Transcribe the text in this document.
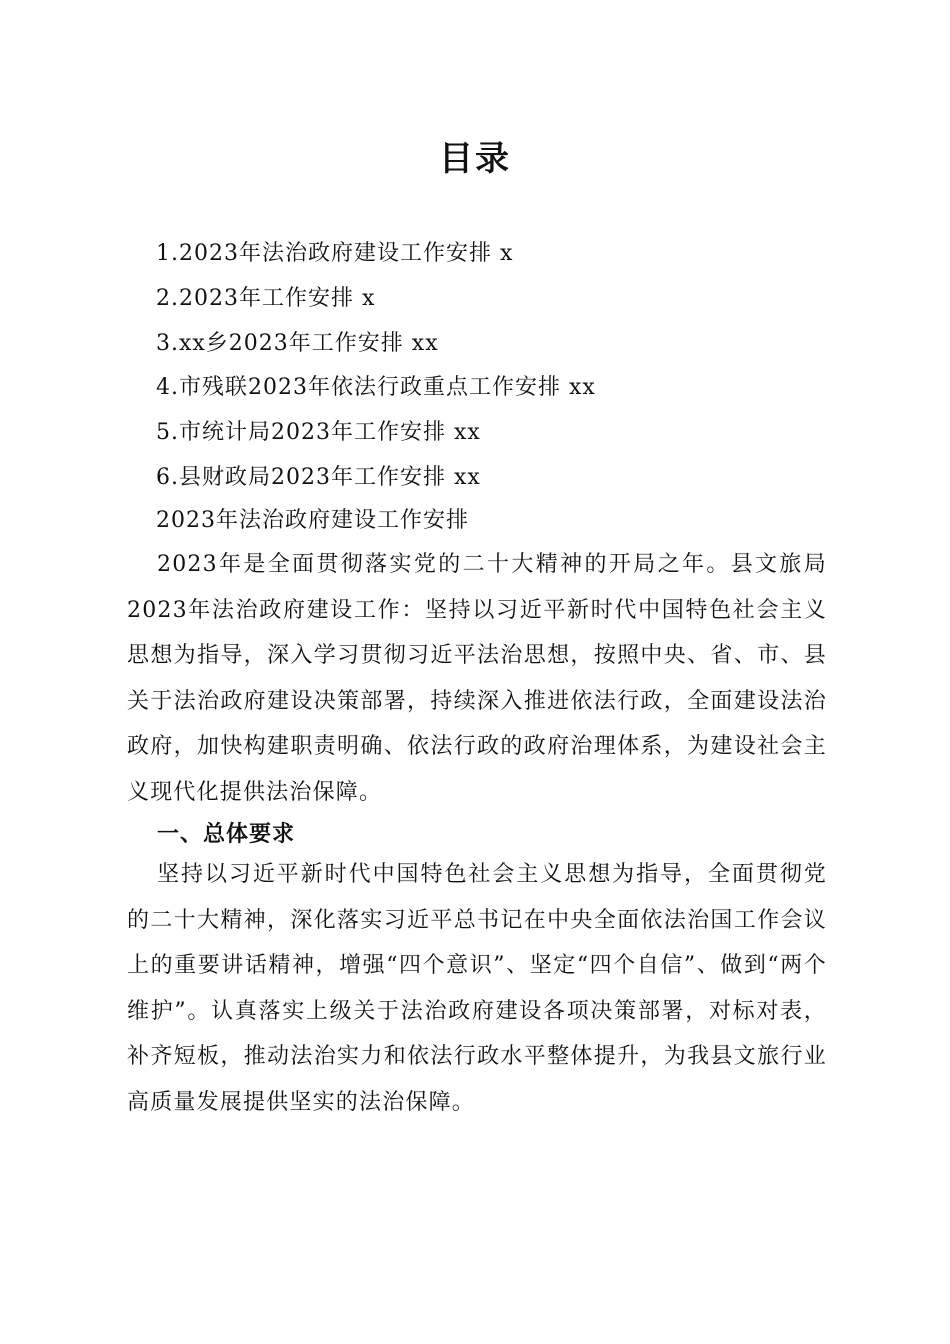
目录
1.2023年法治政府建设工作安排 x
2.2023年工作安排 x
3.xx乡2023年工作安排 xx
4.市残联2023年依法行政重点工作安排 xx
5.市统计局2023年工作安排 xx
6.县财政局2023年工作安排 xx
2023年法治政府建设工作安排

2023年是全面贯彻落实党的二十大精神的开局之年。县文旅局2023年法治政府建设工作：坚持以习近平新时代中国特色社会主义思想为指导，深入学习贯彻习近平法治思想，按照中央、省、市、县关于法治政府建设决策部署，持续深入推进依法行政，全面建设法治政府，加快构建职责明确、依法行政的政府治理体系，为建设社会主义现代化提供法治保障。

一、总体要求

坚持以习近平新时代中国特色社会主义思想为指导，全面贯彻党的二十大精神，深化落实习近平总书记在中央全面依法治国工作会议上的重要讲话精神，增强“四个意识”、坚定“四个自信”、做到“两个维护”。认真落实上级关于法治政府建设各项决策部署，对标对表，补齐短板，推动法治实力和依法行政水平整体提升，为我县文旅行业高质量发展提供坚实的法治保障。
